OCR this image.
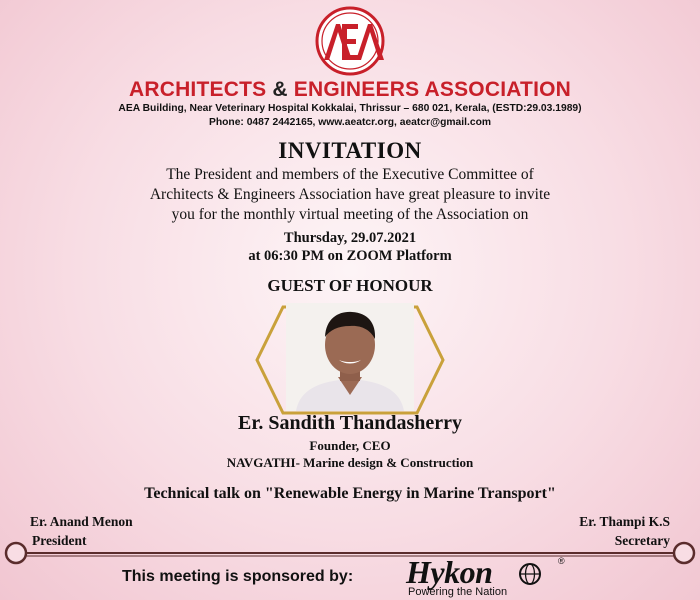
ARCHITECTS & ENGINEERS ASSOCIATION
AEA Building, Near Veterinary Hospital Kokkalai, Thrissur – 680 021, Kerala, (ESTD:29.03.1989)
Phone: 0487 2442165, www.aeatcr.org, aeatcr@gmail.com
INVITATION
The President and members of the Executive Committee of
Architects & Engineers Association have great pleasure to invite
you for the monthly virtual meeting of the Association on
Thursday, 29.07.2021
at 06:30 PM on ZOOM Platform
GUEST OF HONOUR
Er. Sandith Thandasherry
Founder, CEO
NAVGATHI- Marine design & Construction
Technical talk on "Renewable Energy in Marine Transport"
Er. Anand Menon
President
Er. Thampi K.S
Secretary
This meeting is sponsored by: Hykon
Powering the Nation
®
